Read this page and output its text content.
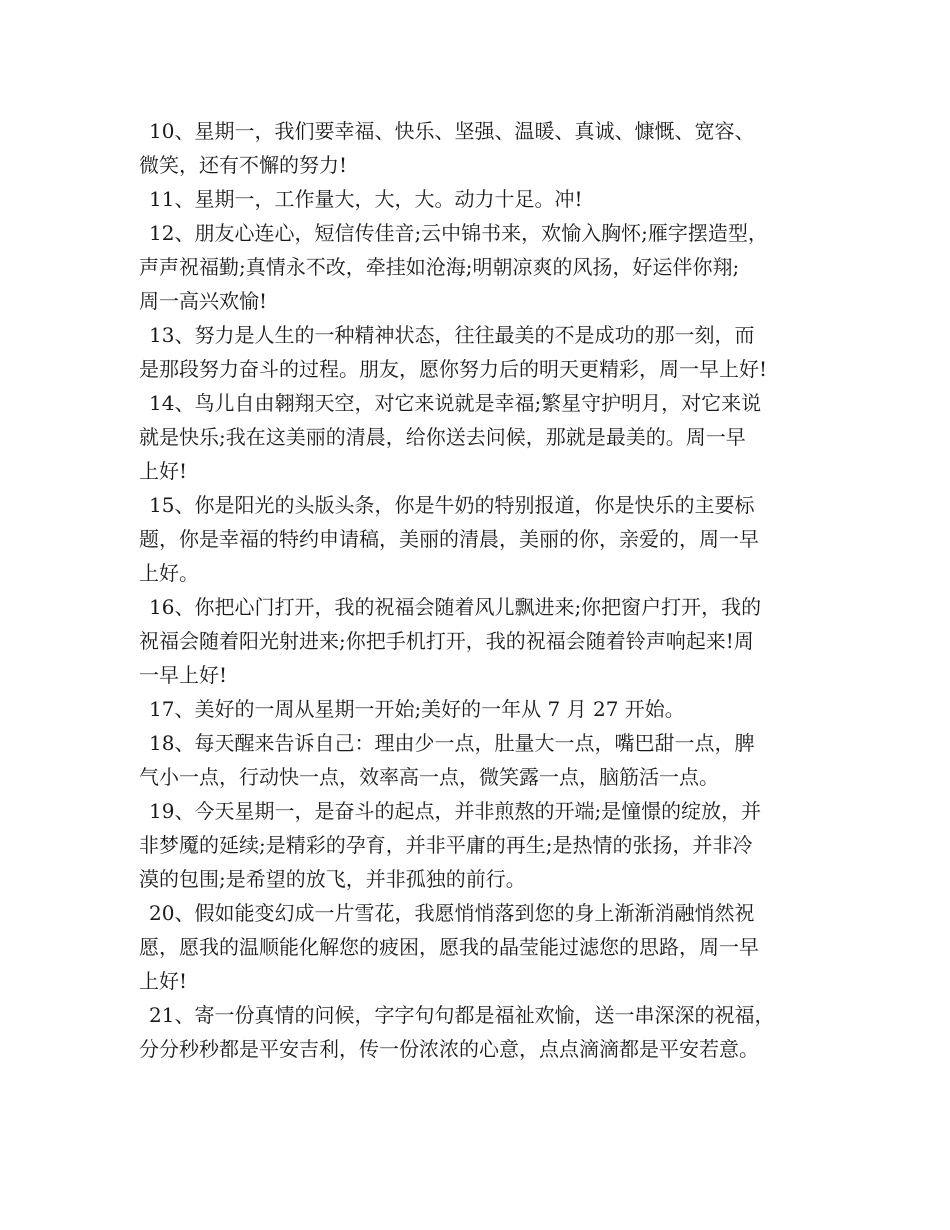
10、星期一，我们要幸福、快乐、坚强、温暖、真诚、慷慨、宽容、
微笑，还有不懈的努力!

11、星期一，工作量大，大，大。动力十足。冲!

12、朋友心连心，短信传佳音;云中锦书来，欢愉入胸怀;雁字摆造型，
声声祝福勤;真情永不改，牵挂如沧海;明朝凉爽的风扬，好运伴你翔;
周一高兴欢愉!

13、努力是人生的一种精神状态，往往最美的不是成功的那一刻，而
是那段努力奋斗的过程。朋友，愿你努力后的明天更精彩，周一早上好!

14、鸟儿自由翱翔天空，对它来说就是幸福;繁星守护明月，对它来说
就是快乐;我在这美丽的清晨，给你送去问候，那就是最美的。周一早
上好!

15、你是阳光的头版头条，你是牛奶的特别报道，你是快乐的主要标
题，你是幸福的特约申请稿，美丽的清晨，美丽的你，亲爱的，周一早
上好。

16、你把心门打开，我的祝福会随着风儿飘进来;你把窗户打开，我的
祝福会随着阳光射进来;你把手机打开，我的祝福会随着铃声响起来!周
一早上好!

17、美好的一周从星期一开始;美好的一年从 7 月 27 开始。

18、每天醒来告诉自己：理由少一点，肚量大一点，嘴巴甜一点，脾
气小一点，行动快一点，效率高一点，微笑露一点，脑筋活一点。

19、今天星期一，是奋斗的起点，并非煎熬的开端;是憧憬的绽放，并
非梦魇的延续;是精彩的孕育，并非平庸的再生;是热情的张扬，并非冷
漠的包围;是希望的放飞，并非孤独的前行。

20、假如能变幻成一片雪花，我愿悄悄落到您的身上渐渐消融悄然祝
愿，愿我的温顺能化解您的疲困，愿我的晶莹能过滤您的思路，周一早
上好!

21、寄一份真情的问候，字字句句都是福祉欢愉，送一串深深的祝福，
分分秒秒都是平安吉利，传一份浓浓的心意，点点滴滴都是平安若意。
